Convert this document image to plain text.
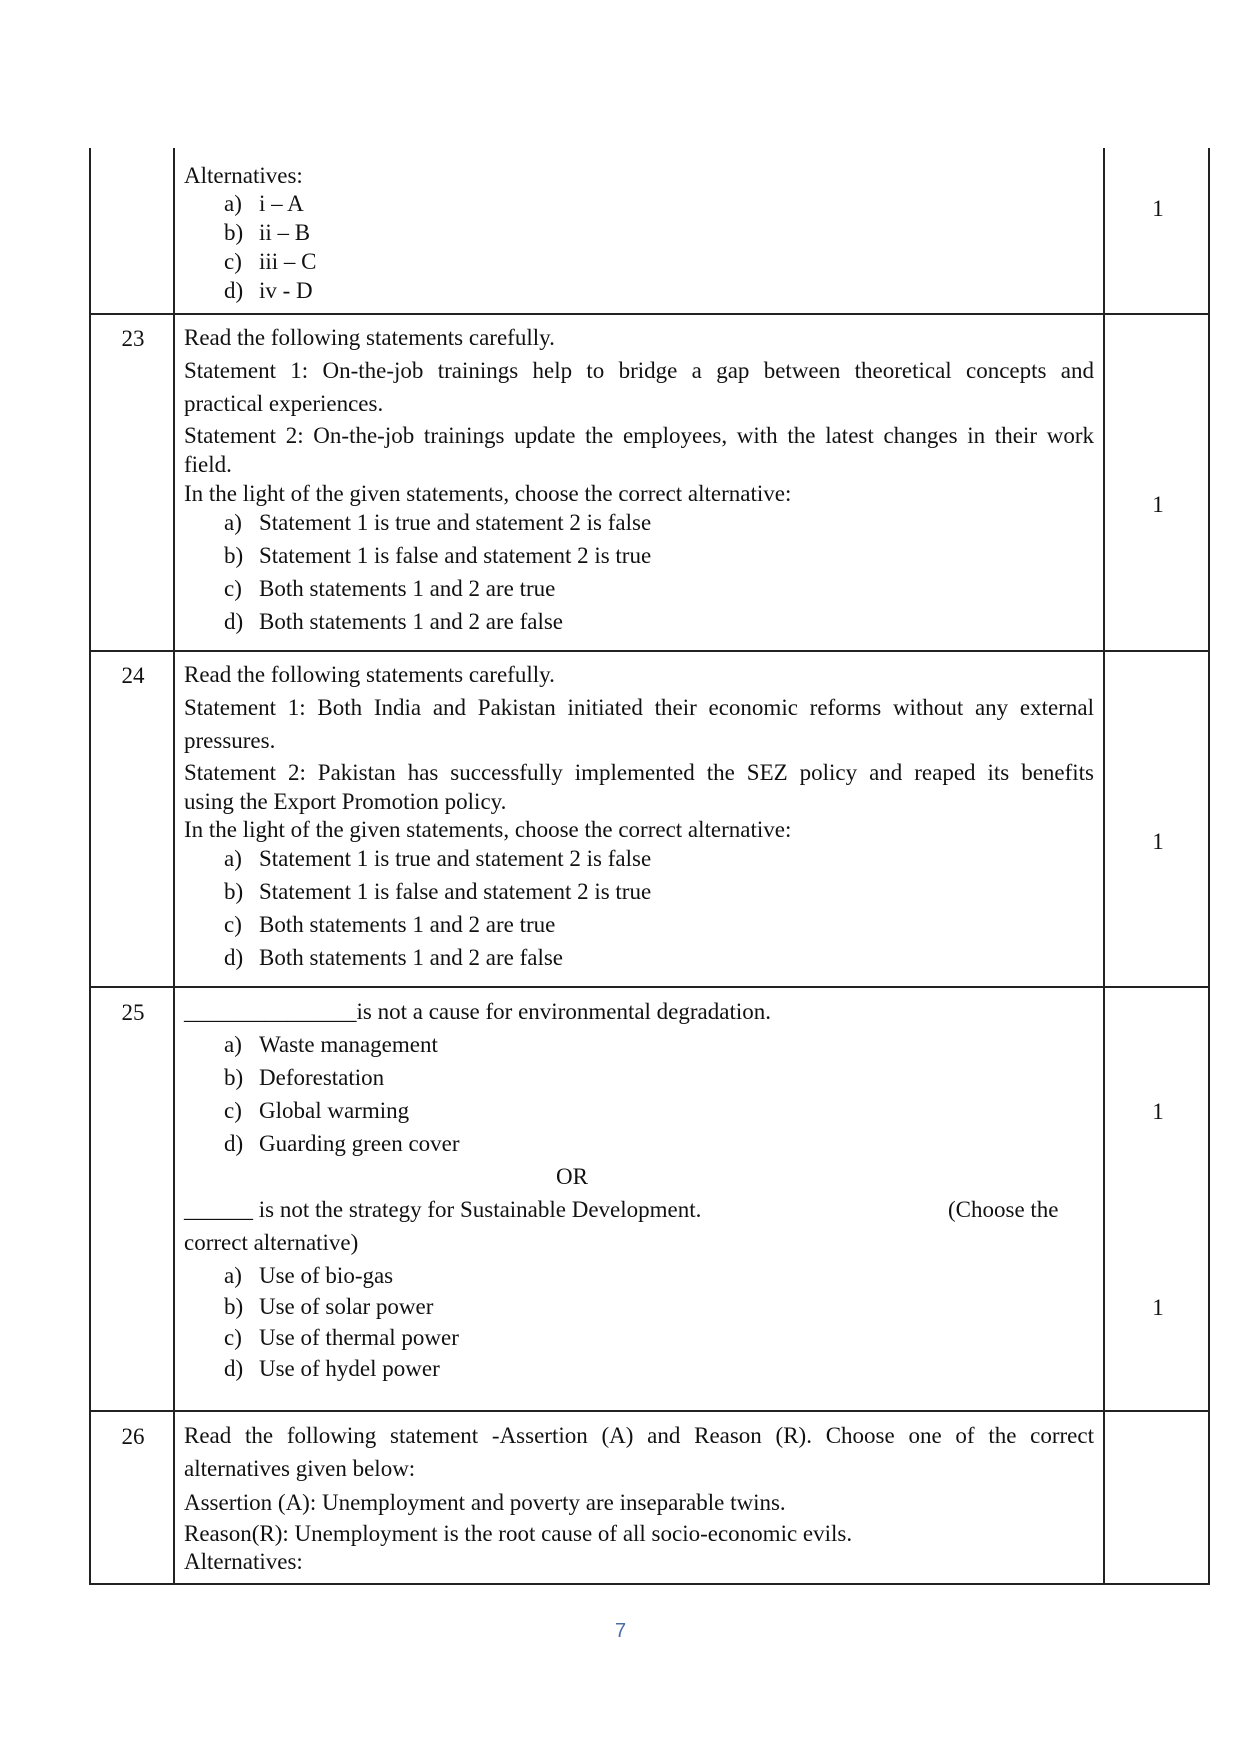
Alternatives:
a) i – A
b) ii – B
c) iii – C
d) iv - D
1
23	Read the following statements carefully.
Statement 1: On-the-job trainings help to bridge a gap between theoretical concepts and
practical experiences.
Statement 2: On-the-job trainings update the employees, with the latest changes in their work
field.
In the light of the given statements, choose the correct alternative:
a) Statement 1 is true and statement 2 is false
b) Statement 1 is false and statement 2 is true
c) Both statements 1 and 2 are true
d) Both statements 1 and 2 are false
1
24	Read the following statements carefully.
Statement 1: Both India and Pakistan initiated their economic reforms without any external
pressures.
Statement 2: Pakistan has successfully implemented the SEZ policy and reaped its benefits
using the Export Promotion policy.
In the light of the given statements, choose the correct alternative:
a) Statement 1 is true and statement 2 is false
b) Statement 1 is false and statement 2 is true
c) Both statements 1 and 2 are true
d) Both statements 1 and 2 are false
1
25	_______________is not a cause for environmental degradation.
a) Waste management
b) Deforestation
c) Global warming
d) Guarding green cover
1
OR
______ is not the strategy for Sustainable Development.	(Choose the
correct alternative)
a) Use of bio-gas
b) Use of solar power
c) Use of thermal power
d) Use of hydel power
1
26	Read the following statement -Assertion (A) and Reason (R). Choose one of the correct
alternatives given below:
Assertion (A): Unemployment and poverty are inseparable twins.
Reason(R): Unemployment is the root cause of all socio-economic evils.
Alternatives:
7
